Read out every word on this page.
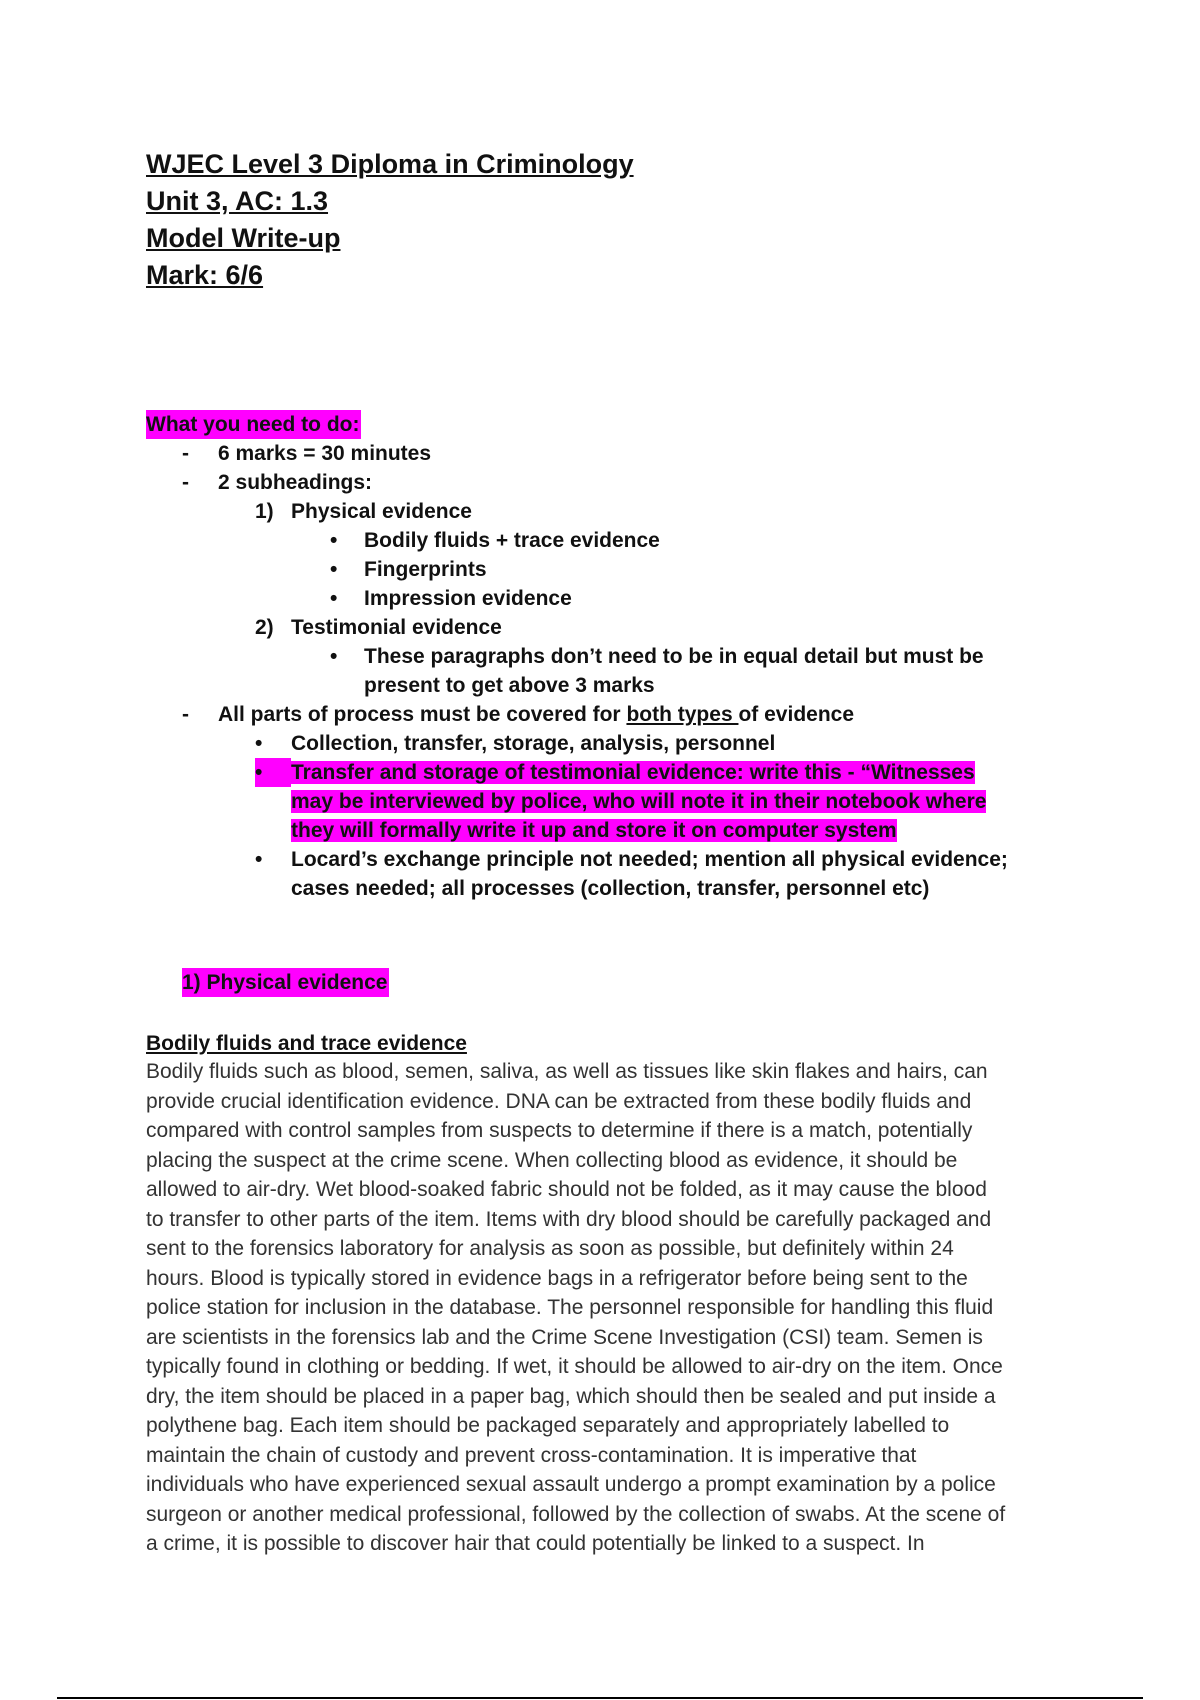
WJEC Level 3 Diploma in Criminology
Unit 3, AC: 1.3
Model Write-up
Mark: 6/6
What you need to do:
- 6 marks = 30 minutes
- 2 subheadings:
1) Physical evidence
• Bodily fluids + trace evidence
• Fingerprints
• Impression evidence
2) Testimonial evidence
• These paragraphs don’t need to be in equal detail but must be
present to get above 3 marks
- All parts of process must be covered for both types of evidence
• Collection, transfer, storage, analysis, personnel
•	Transfer and storage of testimonial evidence: write this - “Witnesses
may be interviewed by police, who will note it in their notebook where
they will formally write it up and store it on computer system
• Locard’s exchange principle not needed; mention all physical evidence;
cases needed; all processes (collection, transfer, personnel etc)
1) Physical evidence
Bodily fluids and trace evidence
Bodily fluids such as blood, semen, saliva, as well as tissues like skin flakes and hairs, can
provide crucial identification evidence. DNA can be extracted from these bodily fluids and
compared with control samples from suspects to determine if there is a match, potentially
placing the suspect at the crime scene. When collecting blood as evidence, it should be
allowed to air-dry. Wet blood-soaked fabric should not be folded, as it may cause the blood
to transfer to other parts of the item. Items with dry blood should be carefully packaged and
sent to the forensics laboratory for analysis as soon as possible, but definitely within 24
hours. Blood is typically stored in evidence bags in a refrigerator before being sent to the
police station for inclusion in the database. The personnel responsible for handling this fluid
are scientists in the forensics lab and the Crime Scene Investigation (CSI) team. Semen is
typically found in clothing or bedding. If wet, it should be allowed to air-dry on the item. Once
dry, the item should be placed in a paper bag, which should then be sealed and put inside a
polythene bag. Each item should be packaged separately and appropriately labelled to
maintain the chain of custody and prevent cross-contamination. It is imperative that
individuals who have experienced sexual assault undergo a prompt examination by a police
surgeon or another medical professional, followed by the collection of swabs. At the scene of
a crime, it is possible to discover hair that could potentially be linked to a suspect. In
